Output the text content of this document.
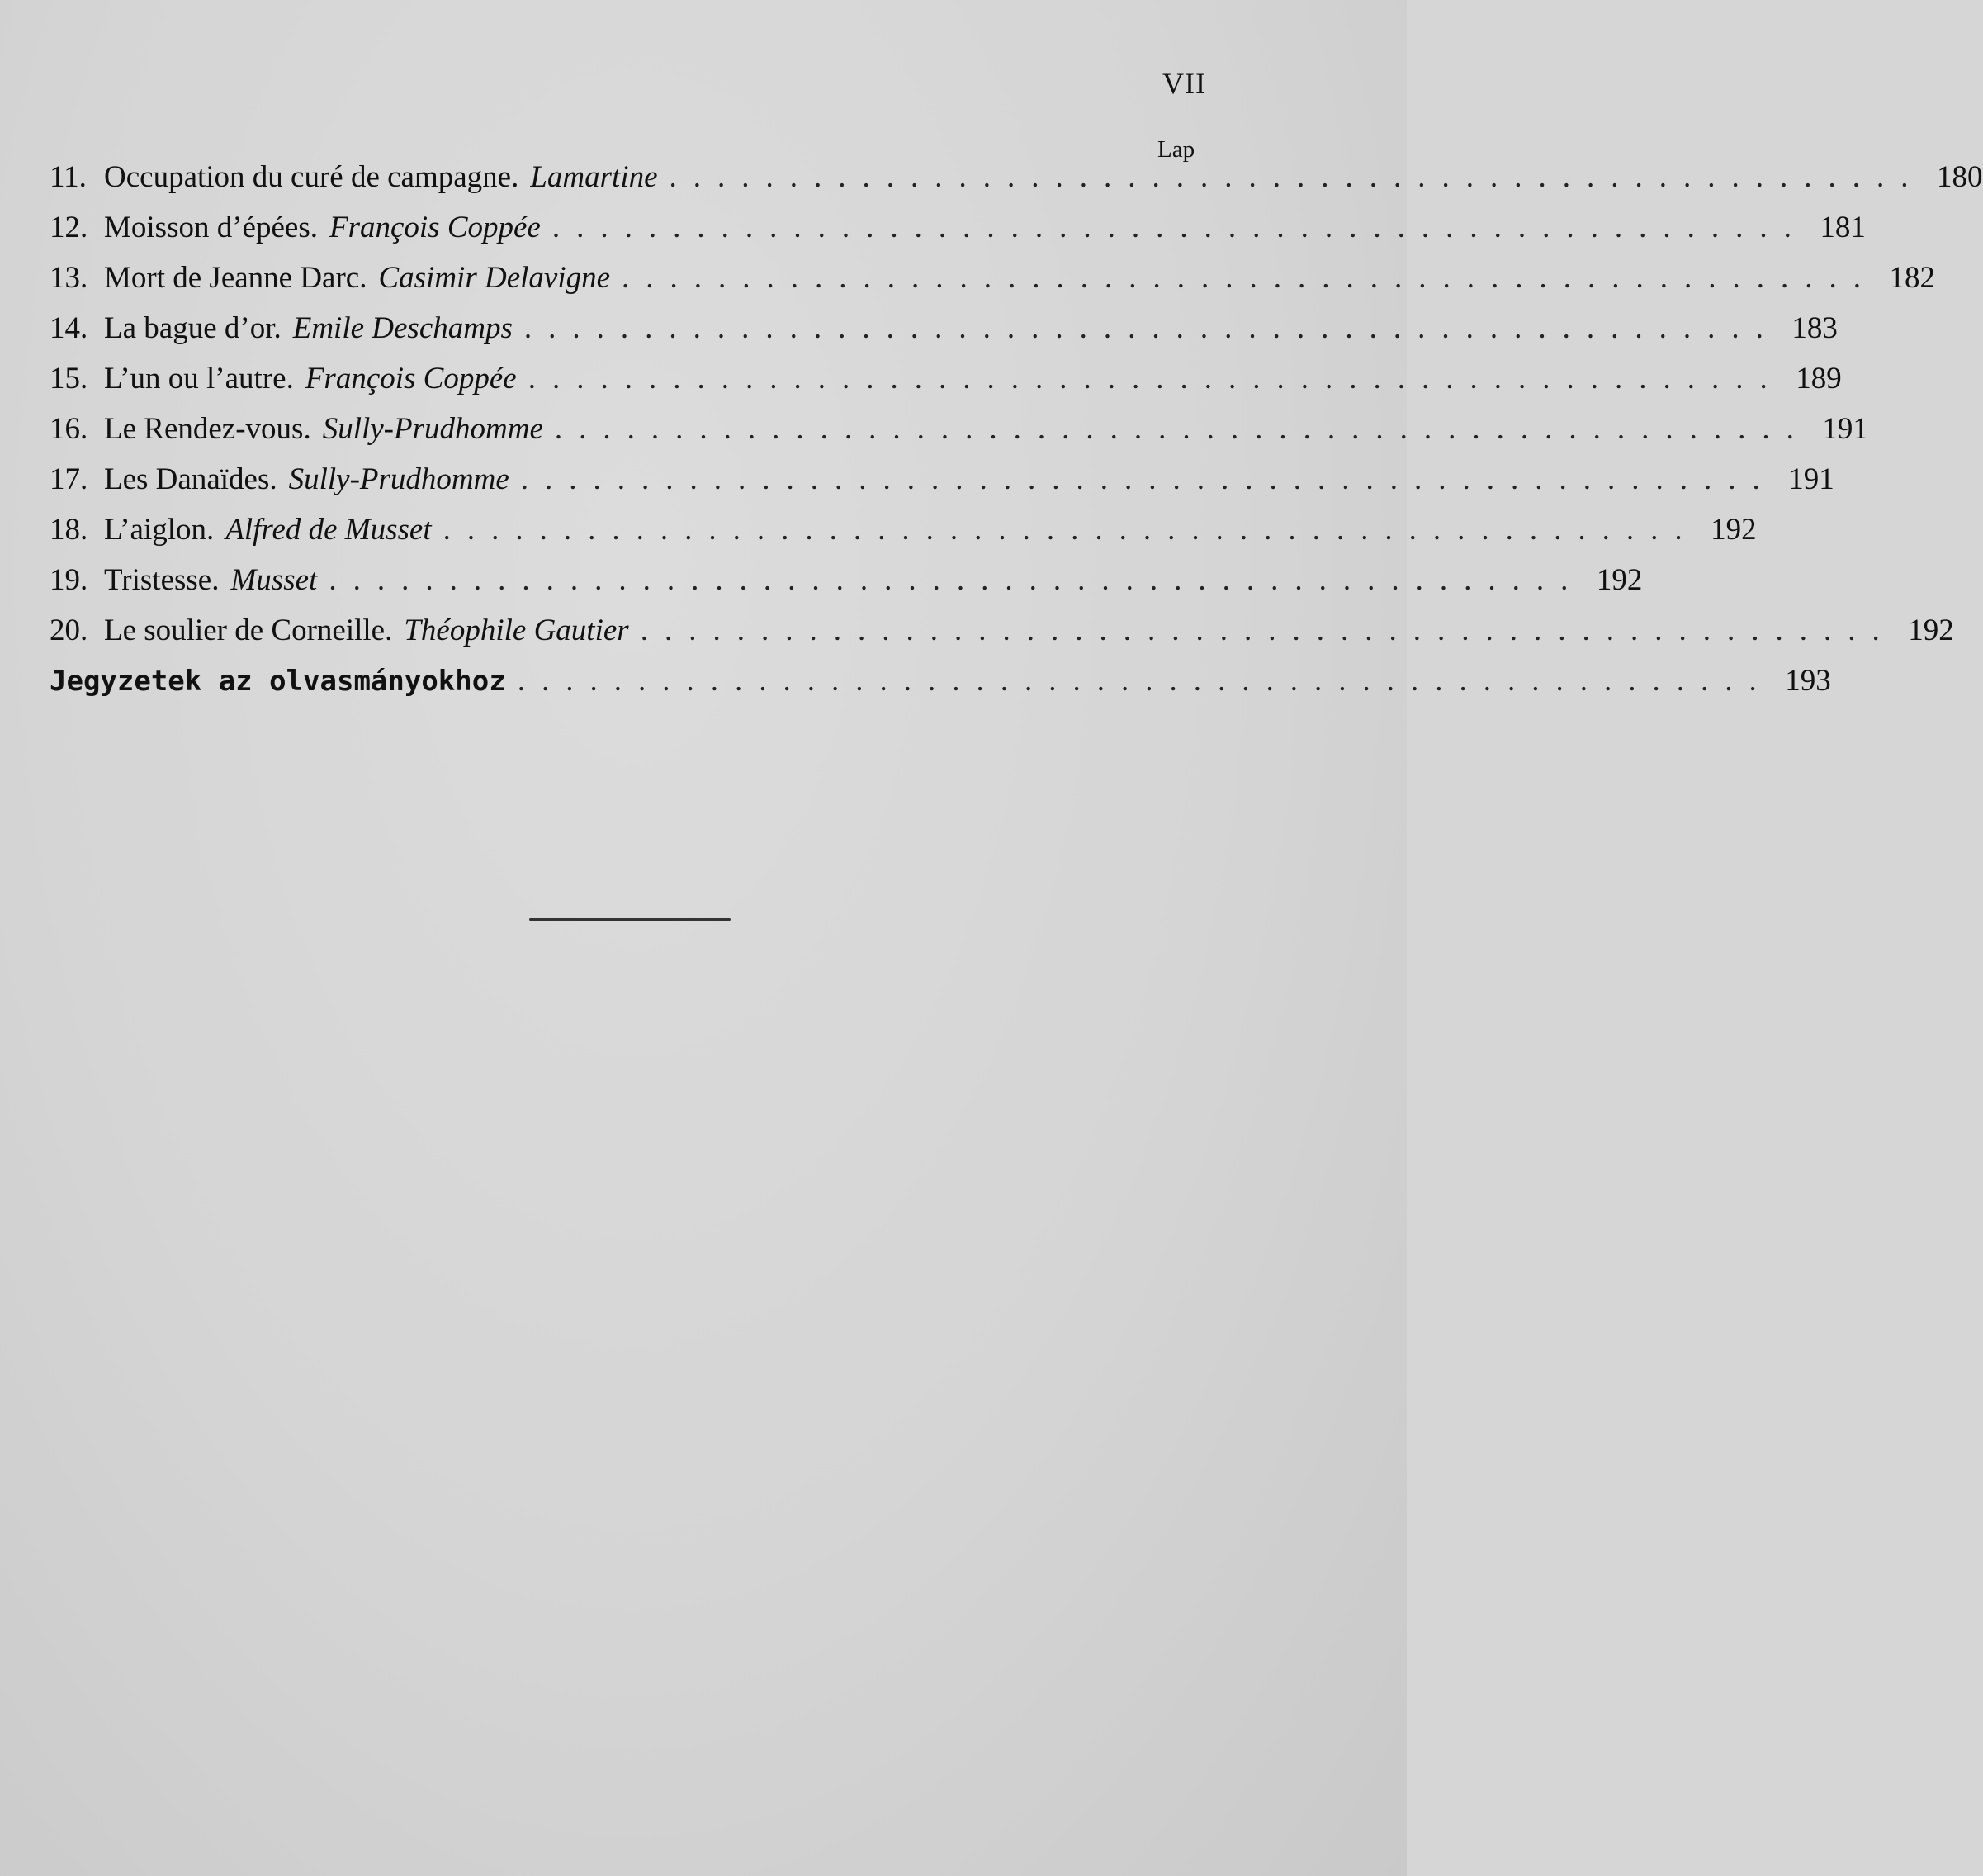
VII
Lap
11. Occupation du curé de campagne. Lamartine .................................................... 180
12. Moisson d’épées. François Coppée .................................................... 181
13. Mort de Jeanne Darc. Casimir Delavigne .................................................... 182
14. La bague d’or. Emile Deschamps .................................................... 183
15. L’un ou l’autre. François Coppée .................................................... 189
16. Le Rendez-vous. Sully-Prudhomme .................................................... 191
17. Les Danaïdes. Sully-Prudhomme .................................................... 191
18. L’aiglon. Alfred de Musset .................................................... 192
19. Tristesse. Musset .................................................... 192
20. Le soulier de Corneille. Théophile Gautier .................................................... 192
Jegyzetek az olvasmányokhoz .................................................... 193
